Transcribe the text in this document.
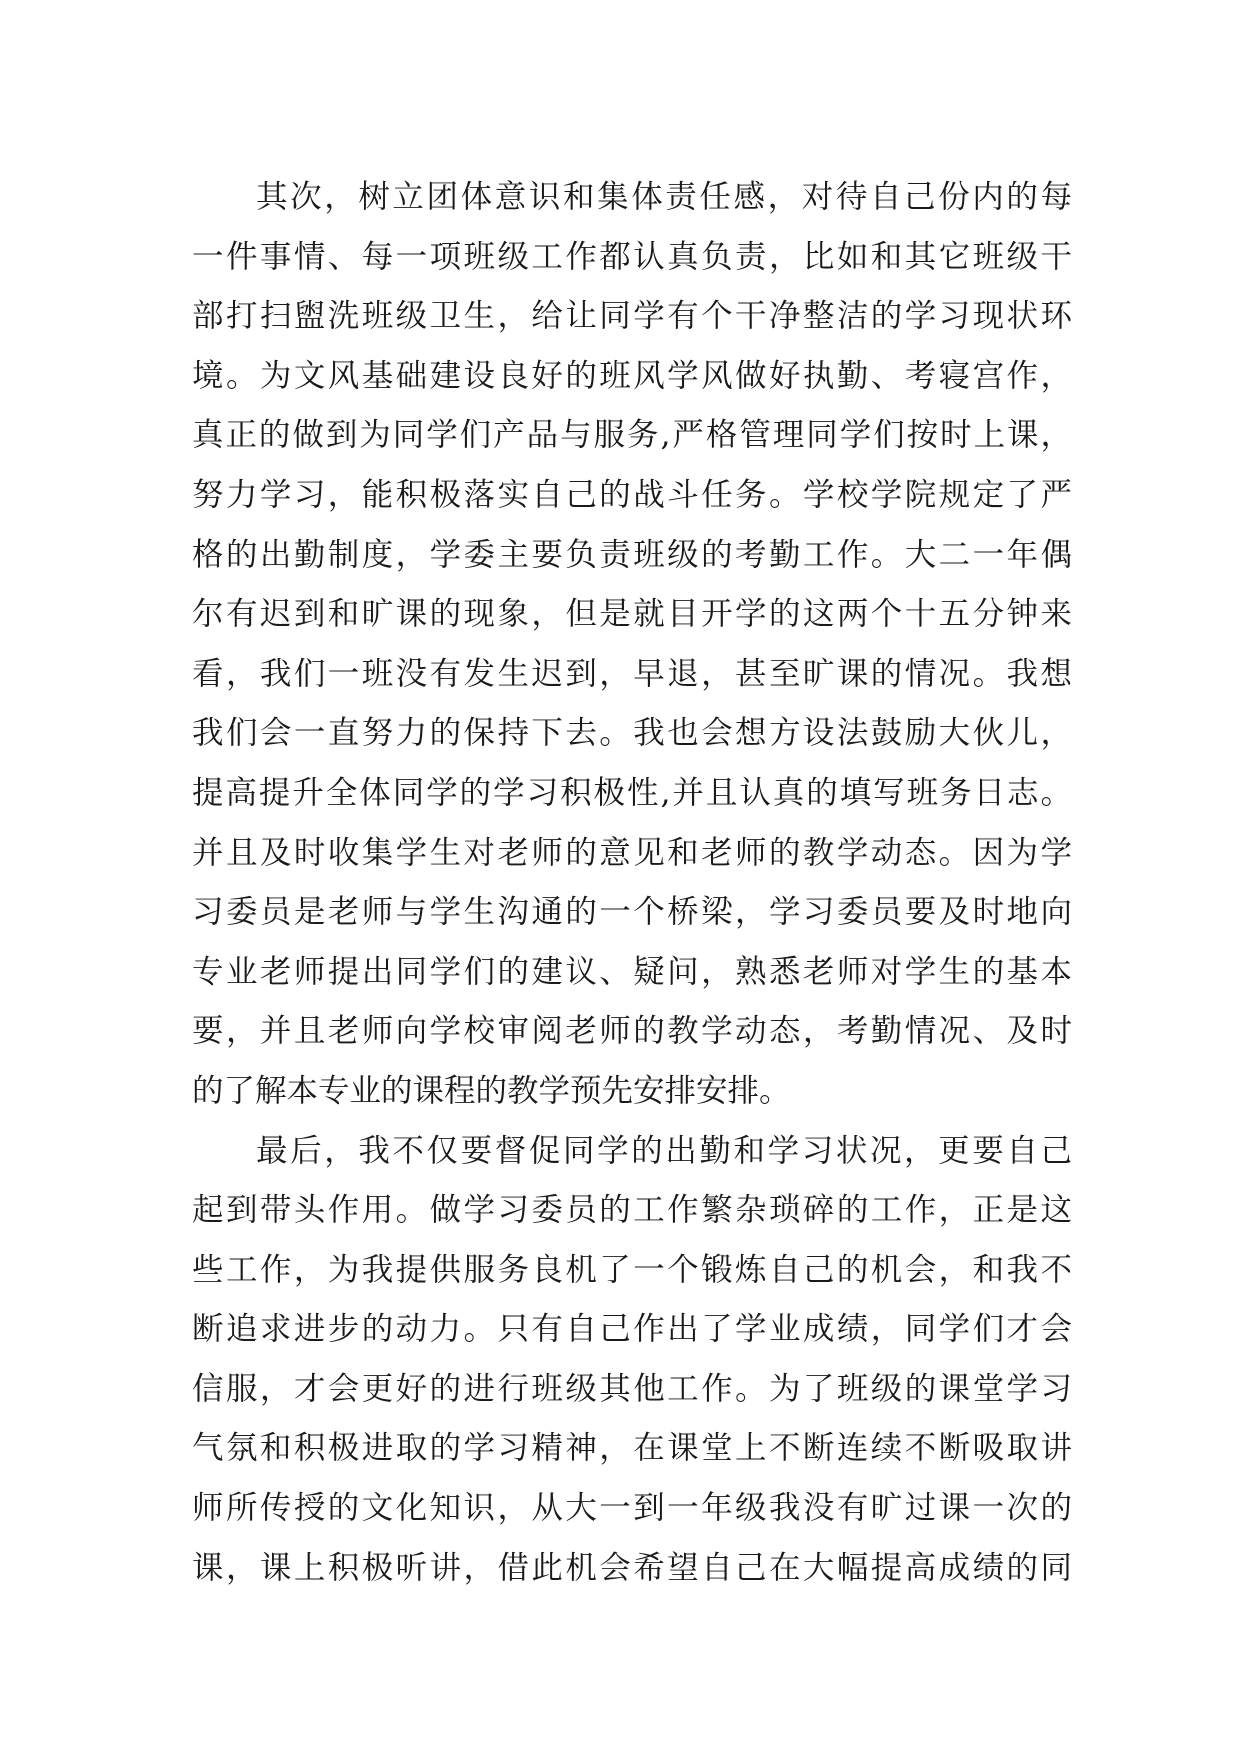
其次，树立团体意识和集体责任感，对待自己份内的每
一件事情、每一项班级工作都认真负责，比如和其它班级干
部打扫盥洗班级卫生，给让同学有个干净整洁的学习现状环
境。为文风基础建设良好的班风学风做好执勤、考寝宫作，
真正的做到为同学们产品与服务,严格管理同学们按时上课，
努力学习，能积极落实自己的战斗任务。学校学院规定了严
格的出勤制度，学委主要负责班级的考勤工作。大二一年偶
尔有迟到和旷课的现象，但是就目开学的这两个十五分钟来
看，我们一班没有发生迟到，早退，甚至旷课的情况。我想
我们会一直努力的保持下去。我也会想方设法鼓励大伙儿，
提高提升全体同学的学习积极性,并且认真的填写班务日志。
并且及时收集学生对老师的意见和老师的教学动态。因为学
习委员是老师与学生沟通的一个桥梁，学习委员要及时地向
专业老师提出同学们的建议、疑问，熟悉老师对学生的基本
要，并且老师向学校审阅老师的教学动态，考勤情况、及时
的了解本专业的课程的教学预先安排安排。

最后，我不仅要督促同学的出勤和学习状况，更要自己
起到带头作用。做学习委员的工作繁杂琐碎的工作，正是这
些工作，为我提供服务良机了一个锻炼自己的机会，和我不
断追求进步的动力。只有自己作出了学业成绩，同学们才会
信服，才会更好的进行班级其他工作。为了班级的课堂学习
气氛和积极进取的学习精神，在课堂上不断连续不断吸取讲
师所传授的文化知识，从大一到一年级我没有旷过课一次的
课，课上积极听讲，借此机会希望自己在大幅提高成绩的同
